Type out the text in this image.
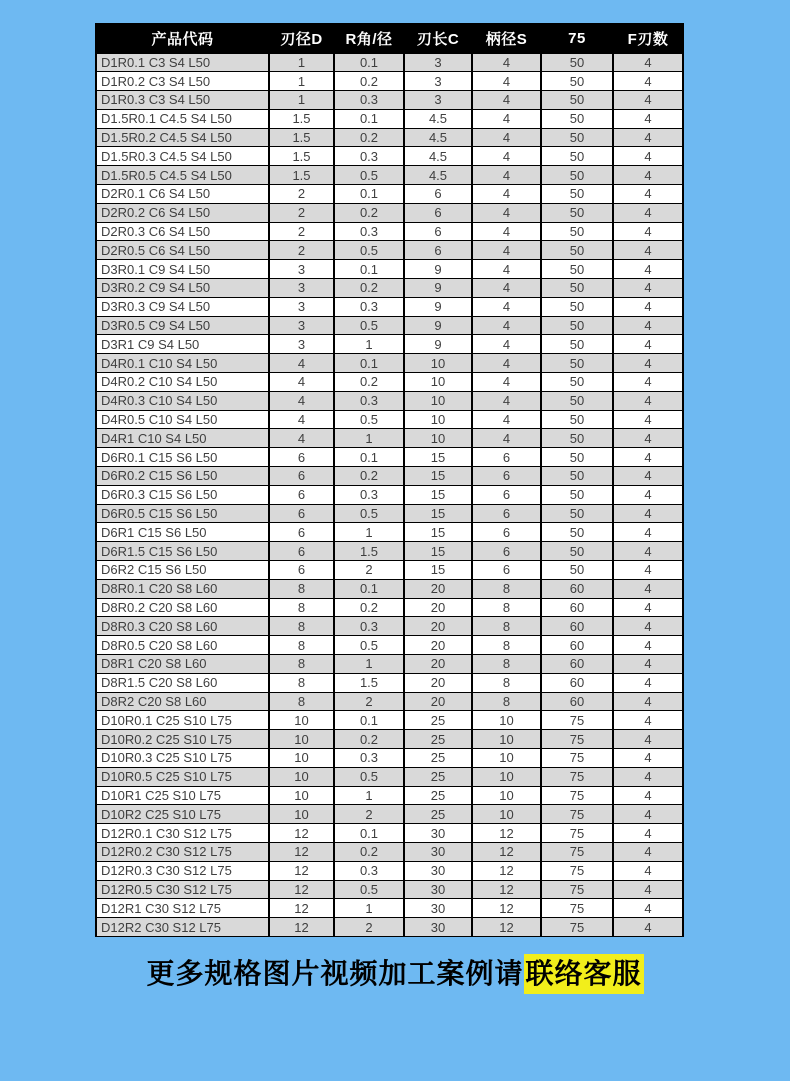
产品代码	刃径D	R角/径	刃长C	柄径S	75	F刃数
D1R0.1 C3 S4 L50	1	0.1	3	4	50	4
D1R0.2 C3 S4 L50	1	0.2	3	4	50	4
D1R0.3 C3 S4 L50	1	0.3	3	4	50	4
D1.5R0.1 C4.5 S4 L50	1.5	0.1	4.5	4	50	4
D1.5R0.2 C4.5 S4 L50	1.5	0.2	4.5	4	50	4
D1.5R0.3 C4.5 S4 L50	1.5	0.3	4.5	4	50	4
D1.5R0.5 C4.5 S4 L50	1.5	0.5	4.5	4	50	4
D2R0.1 C6 S4 L50	2	0.1	6	4	50	4
D2R0.2 C6 S4 L50	2	0.2	6	4	50	4
D2R0.3 C6 S4 L50	2	0.3	6	4	50	4
D2R0.5 C6 S4 L50	2	0.5	6	4	50	4
D3R0.1 C9 S4 L50	3	0.1	9	4	50	4
D3R0.2 C9 S4 L50	3	0.2	9	4	50	4
D3R0.3 C9 S4 L50	3	0.3	9	4	50	4
D3R0.5 C9 S4 L50	3	0.5	9	4	50	4
D3R1 C9 S4 L50	3	1	9	4	50	4
D4R0.1 C10 S4 L50	4	0.1	10	4	50	4
D4R0.2 C10 S4 L50	4	0.2	10	4	50	4
D4R0.3 C10 S4 L50	4	0.3	10	4	50	4
D4R0.5 C10 S4 L50	4	0.5	10	4	50	4
D4R1 C10 S4 L50	4	1	10	4	50	4
D6R0.1 C15 S6 L50	6	0.1	15	6	50	4
D6R0.2 C15 S6 L50	6	0.2	15	6	50	4
D6R0.3 C15 S6 L50	6	0.3	15	6	50	4
D6R0.5 C15 S6 L50	6	0.5	15	6	50	4
D6R1 C15 S6 L50	6	1	15	6	50	4
D6R1.5 C15 S6 L50	6	1.5	15	6	50	4
D6R2 C15 S6 L50	6	2	15	6	50	4
D8R0.1 C20 S8 L60	8	0.1	20	8	60	4
D8R0.2 C20 S8 L60	8	0.2	20	8	60	4
D8R0.3 C20 S8 L60	8	0.3	20	8	60	4
D8R0.5 C20 S8 L60	8	0.5	20	8	60	4
D8R1 C20 S8 L60	8	1	20	8	60	4
D8R1.5 C20 S8 L60	8	1.5	20	8	60	4
D8R2 C20 S8 L60	8	2	20	8	60	4
D10R0.1 C25 S10 L75	10	0.1	25	10	75	4
D10R0.2 C25 S10 L75	10	0.2	25	10	75	4
D10R0.3 C25 S10 L75	10	0.3	25	10	75	4
D10R0.5 C25 S10 L75	10	0.5	25	10	75	4
D10R1 C25 S10 L75	10	1	25	10	75	4
D10R2 C25 S10 L75	10	2	25	10	75	4
D12R0.1 C30 S12 L75	12	0.1	30	12	75	4
D12R0.2 C30 S12 L75	12	0.2	30	12	75	4
D12R0.3 C30 S12 L75	12	0.3	30	12	75	4
D12R0.5 C30 S12 L75	12	0.5	30	12	75	4
D12R1 C30 S12 L75	12	1	30	12	75	4
D12R2 C30 S12 L75	12	2	30	12	75	4
更多规格图片视频加工案例请联络客服
